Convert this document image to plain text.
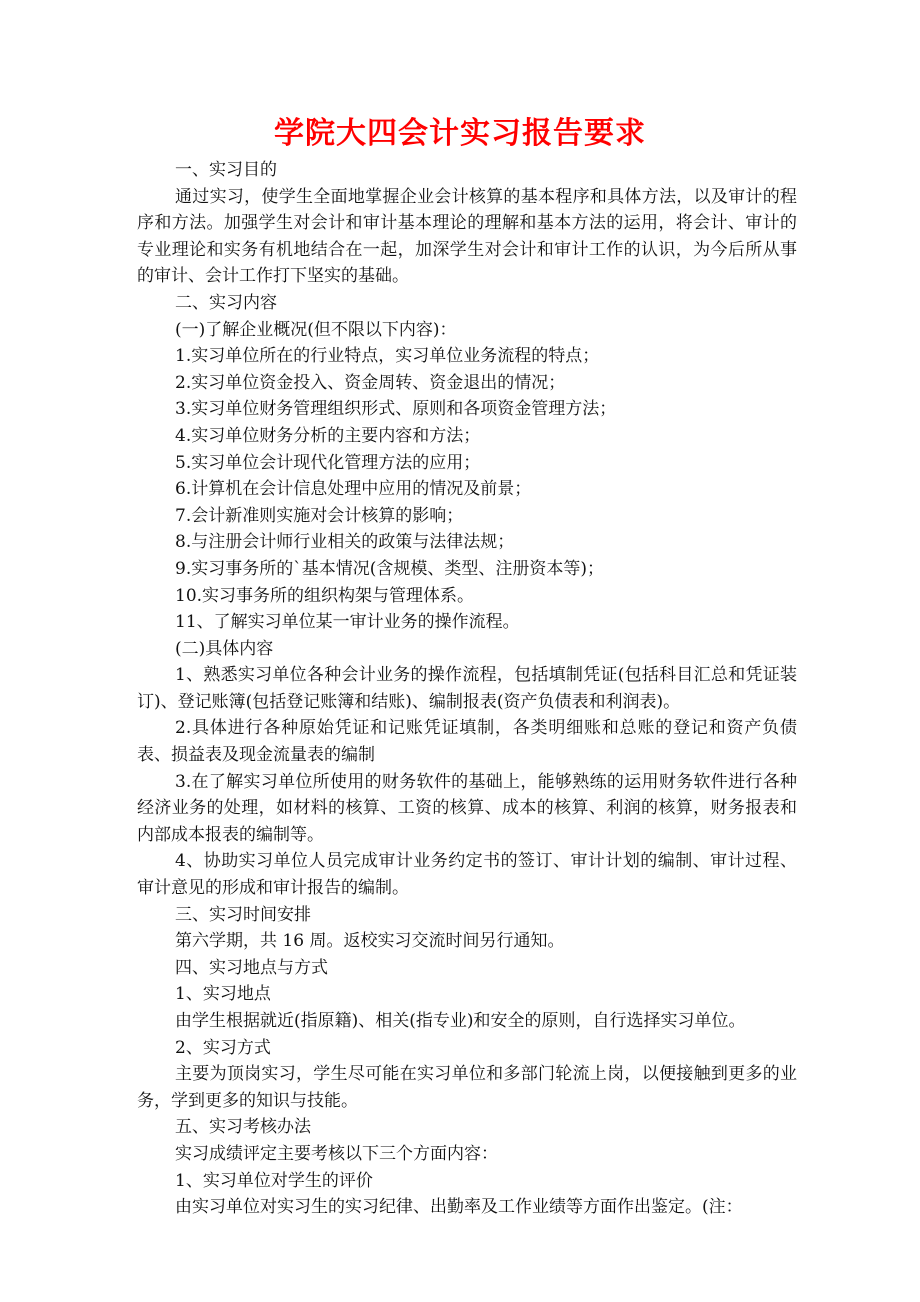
学院大四会计实习报告要求

一、实习目的

通过实习，使学生全面地掌握企业会计核算的基本程序和具体方法，以及审计的程序和方法。加强学生对会计和审计基本理论的理解和基本方法的运用，将会计、审计的专业理论和实务有机地结合在一起，加深学生对会计和审计工作的认识，为今后所从事的审计、会计工作打下坚实的基础。

二、实习内容

(一)了解企业概况(但不限以下内容)：

1.实习单位所在的行业特点，实习单位业务流程的特点；

2.实习单位资金投入、资金周转、资金退出的情况；

3.实习单位财务管理组织形式、原则和各项资金管理方法；

4.实习单位财务分析的主要内容和方法；

5.实习单位会计现代化管理方法的应用；

6.计算机在会计信息处理中应用的情况及前景；

7.会计新准则实施对会计核算的影响；

8.与注册会计师行业相关的政策与法律法规；

9.实习事务所的`基本情况(含规模、类型、注册资本等)；

10.实习事务所的组织构架与管理体系。

11、了解实习单位某一审计业务的操作流程。

(二)具体内容

1、熟悉实习单位各种会计业务的操作流程，包括填制凭证(包括科目汇总和凭证装订)、登记账簿(包括登记账簿和结账)、编制报表(资产负债表和利润表)。

2.具体进行各种原始凭证和记账凭证填制，各类明细账和总账的登记和资产负债表、损益表及现金流量表的编制

3.在了解实习单位所使用的财务软件的基础上，能够熟练的运用财务软件进行各种经济业务的处理，如材料的核算、工资的核算、成本的核算、利润的核算，财务报表和内部成本报表的编制等。

4、协助实习单位人员完成审计业务约定书的签订、审计计划的编制、审计过程、审计意见的形成和审计报告的编制。

三、实习时间安排

第六学期，共 16 周。返校实习交流时间另行通知。

四、实习地点与方式

1、实习地点

由学生根据就近(指原籍)、相关(指专业)和安全的原则，自行选择实习单位。

2、实习方式

主要为顶岗实习，学生尽可能在实习单位和多部门轮流上岗，以便接触到更多的业务，学到更多的知识与技能。

五、实习考核办法

实习成绩评定主要考核以下三个方面内容：

1、实习单位对学生的评价

由实习单位对实习生的实习纪律、出勤率及工作业绩等方面作出鉴定。(注：
